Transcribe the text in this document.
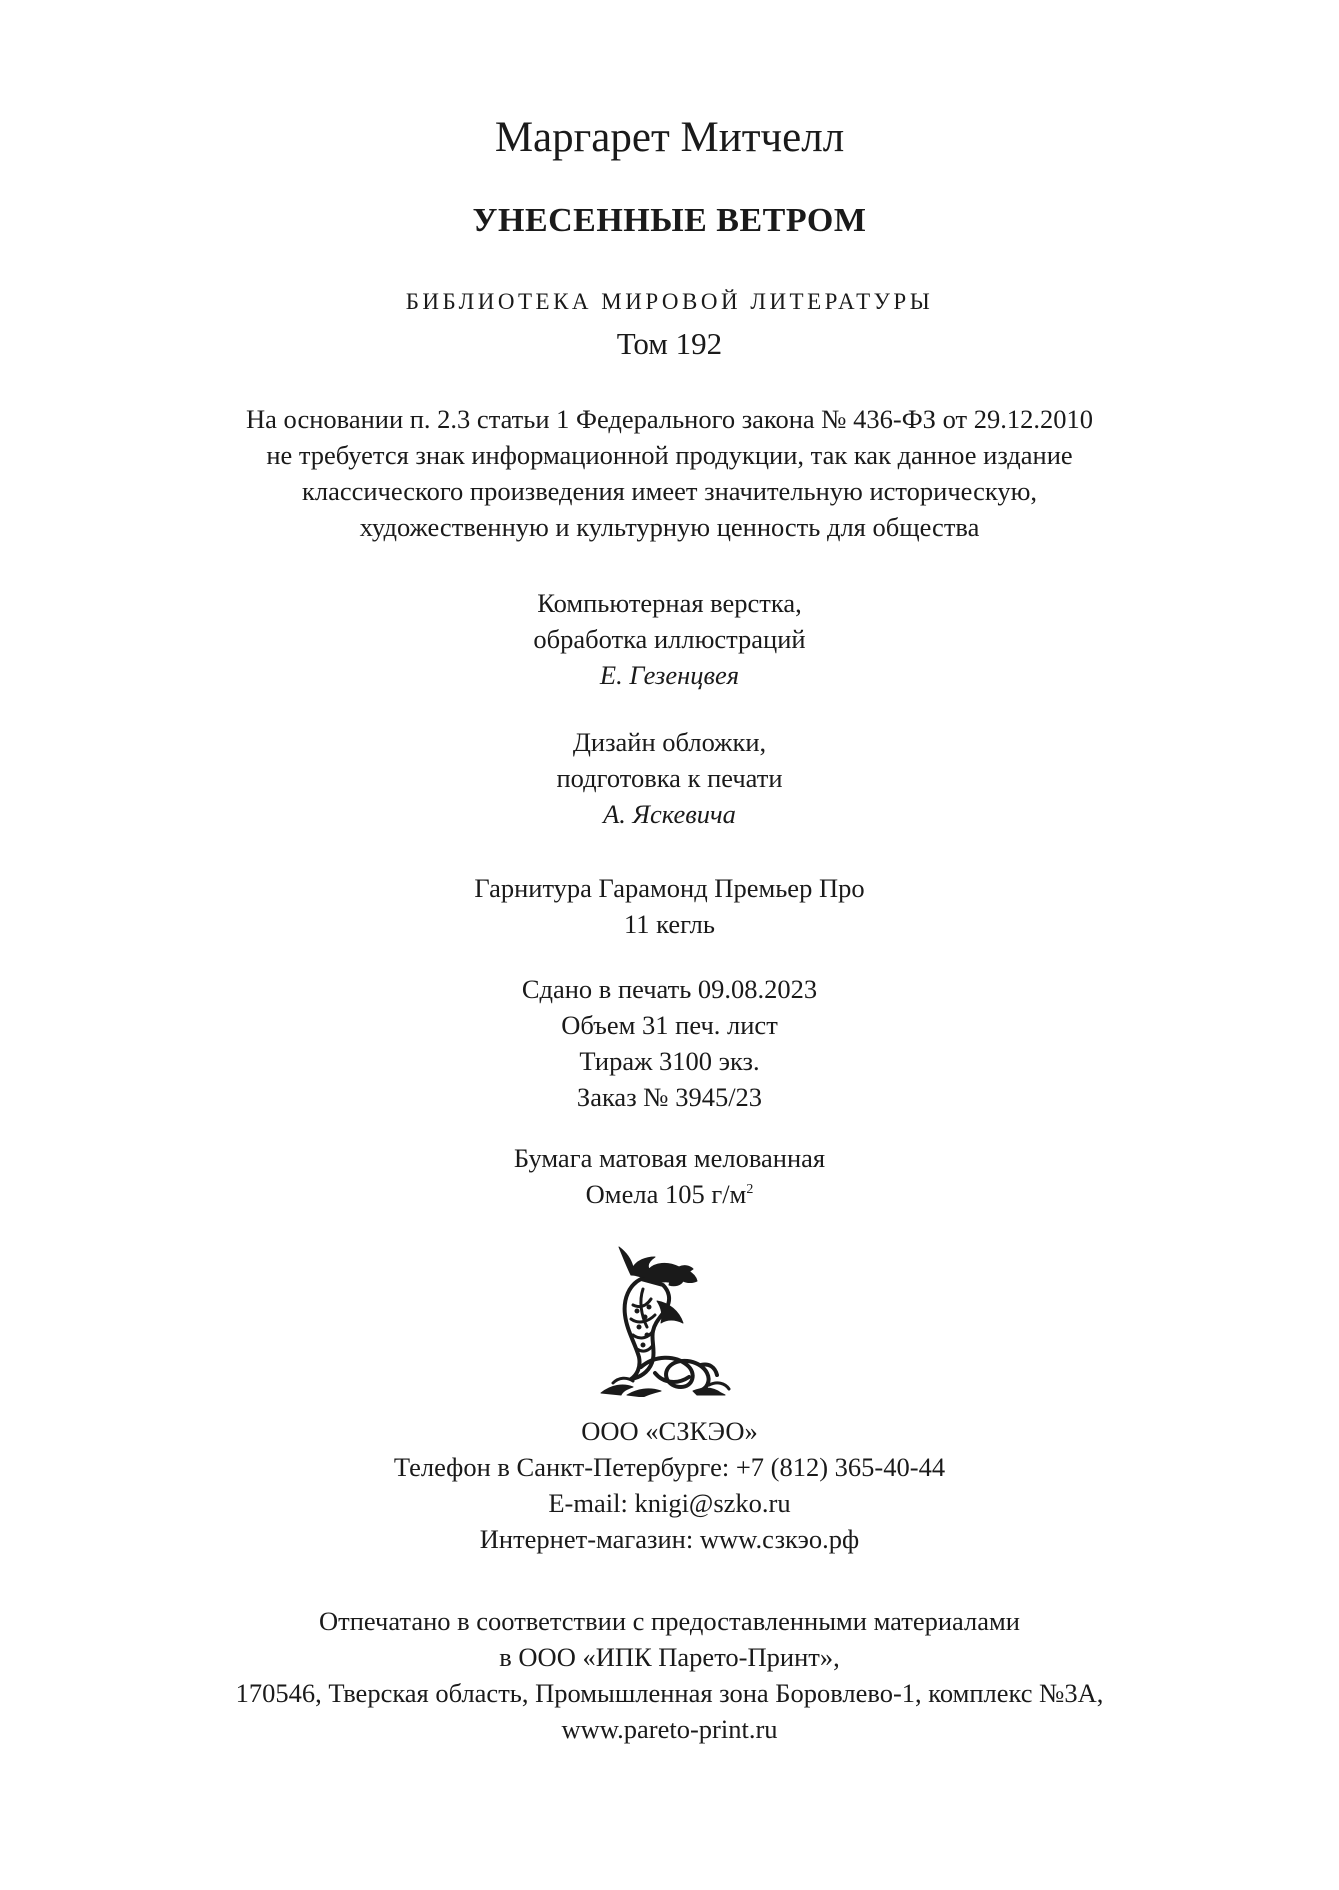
Маргарет Митчелл
УНЕСЕННЫЕ ВЕТРОМ
БИБЛИОТЕКА МИРОВОЙ ЛИТЕРАТУРЫ
Том 192
На основании п. 2.3 статьи 1 Федерального закона № 436-ФЗ от 29.12.2010
не требуется знак информационной продукции, так как данное издание
классического произведения имеет значительную историческую,
художественную и культурную ценность для общества
Компьютерная верстка,
обработка иллюстраций
Е. Гезенцвея
Дизайн обложки,
подготовка к печати
А. Яскевича
Гарнитура Гарамонд Премьер Про
11 кегль
Сдано в печать 09.08.2023
Объем 31 печ. лист
Тираж 3100 экз.
Заказ № 3945/23
Бумага матовая мелованная
Омела 105 $г/м^2$
ООО «СЗКЭО»
Телефон в Санкт-Петербурге: +7 (812) 365-40-44
E-mail: knigi@szko.ru
Интернет-магазин: www.сзкэо.рф
Отпечатано в соответствии с предоставленными материалами
в ООО «ИПК Парето-Принт»,
170546, Тверская область, Промышленная зона Боровлево-1, комплекс №3А,
www.pareto-print.ru
